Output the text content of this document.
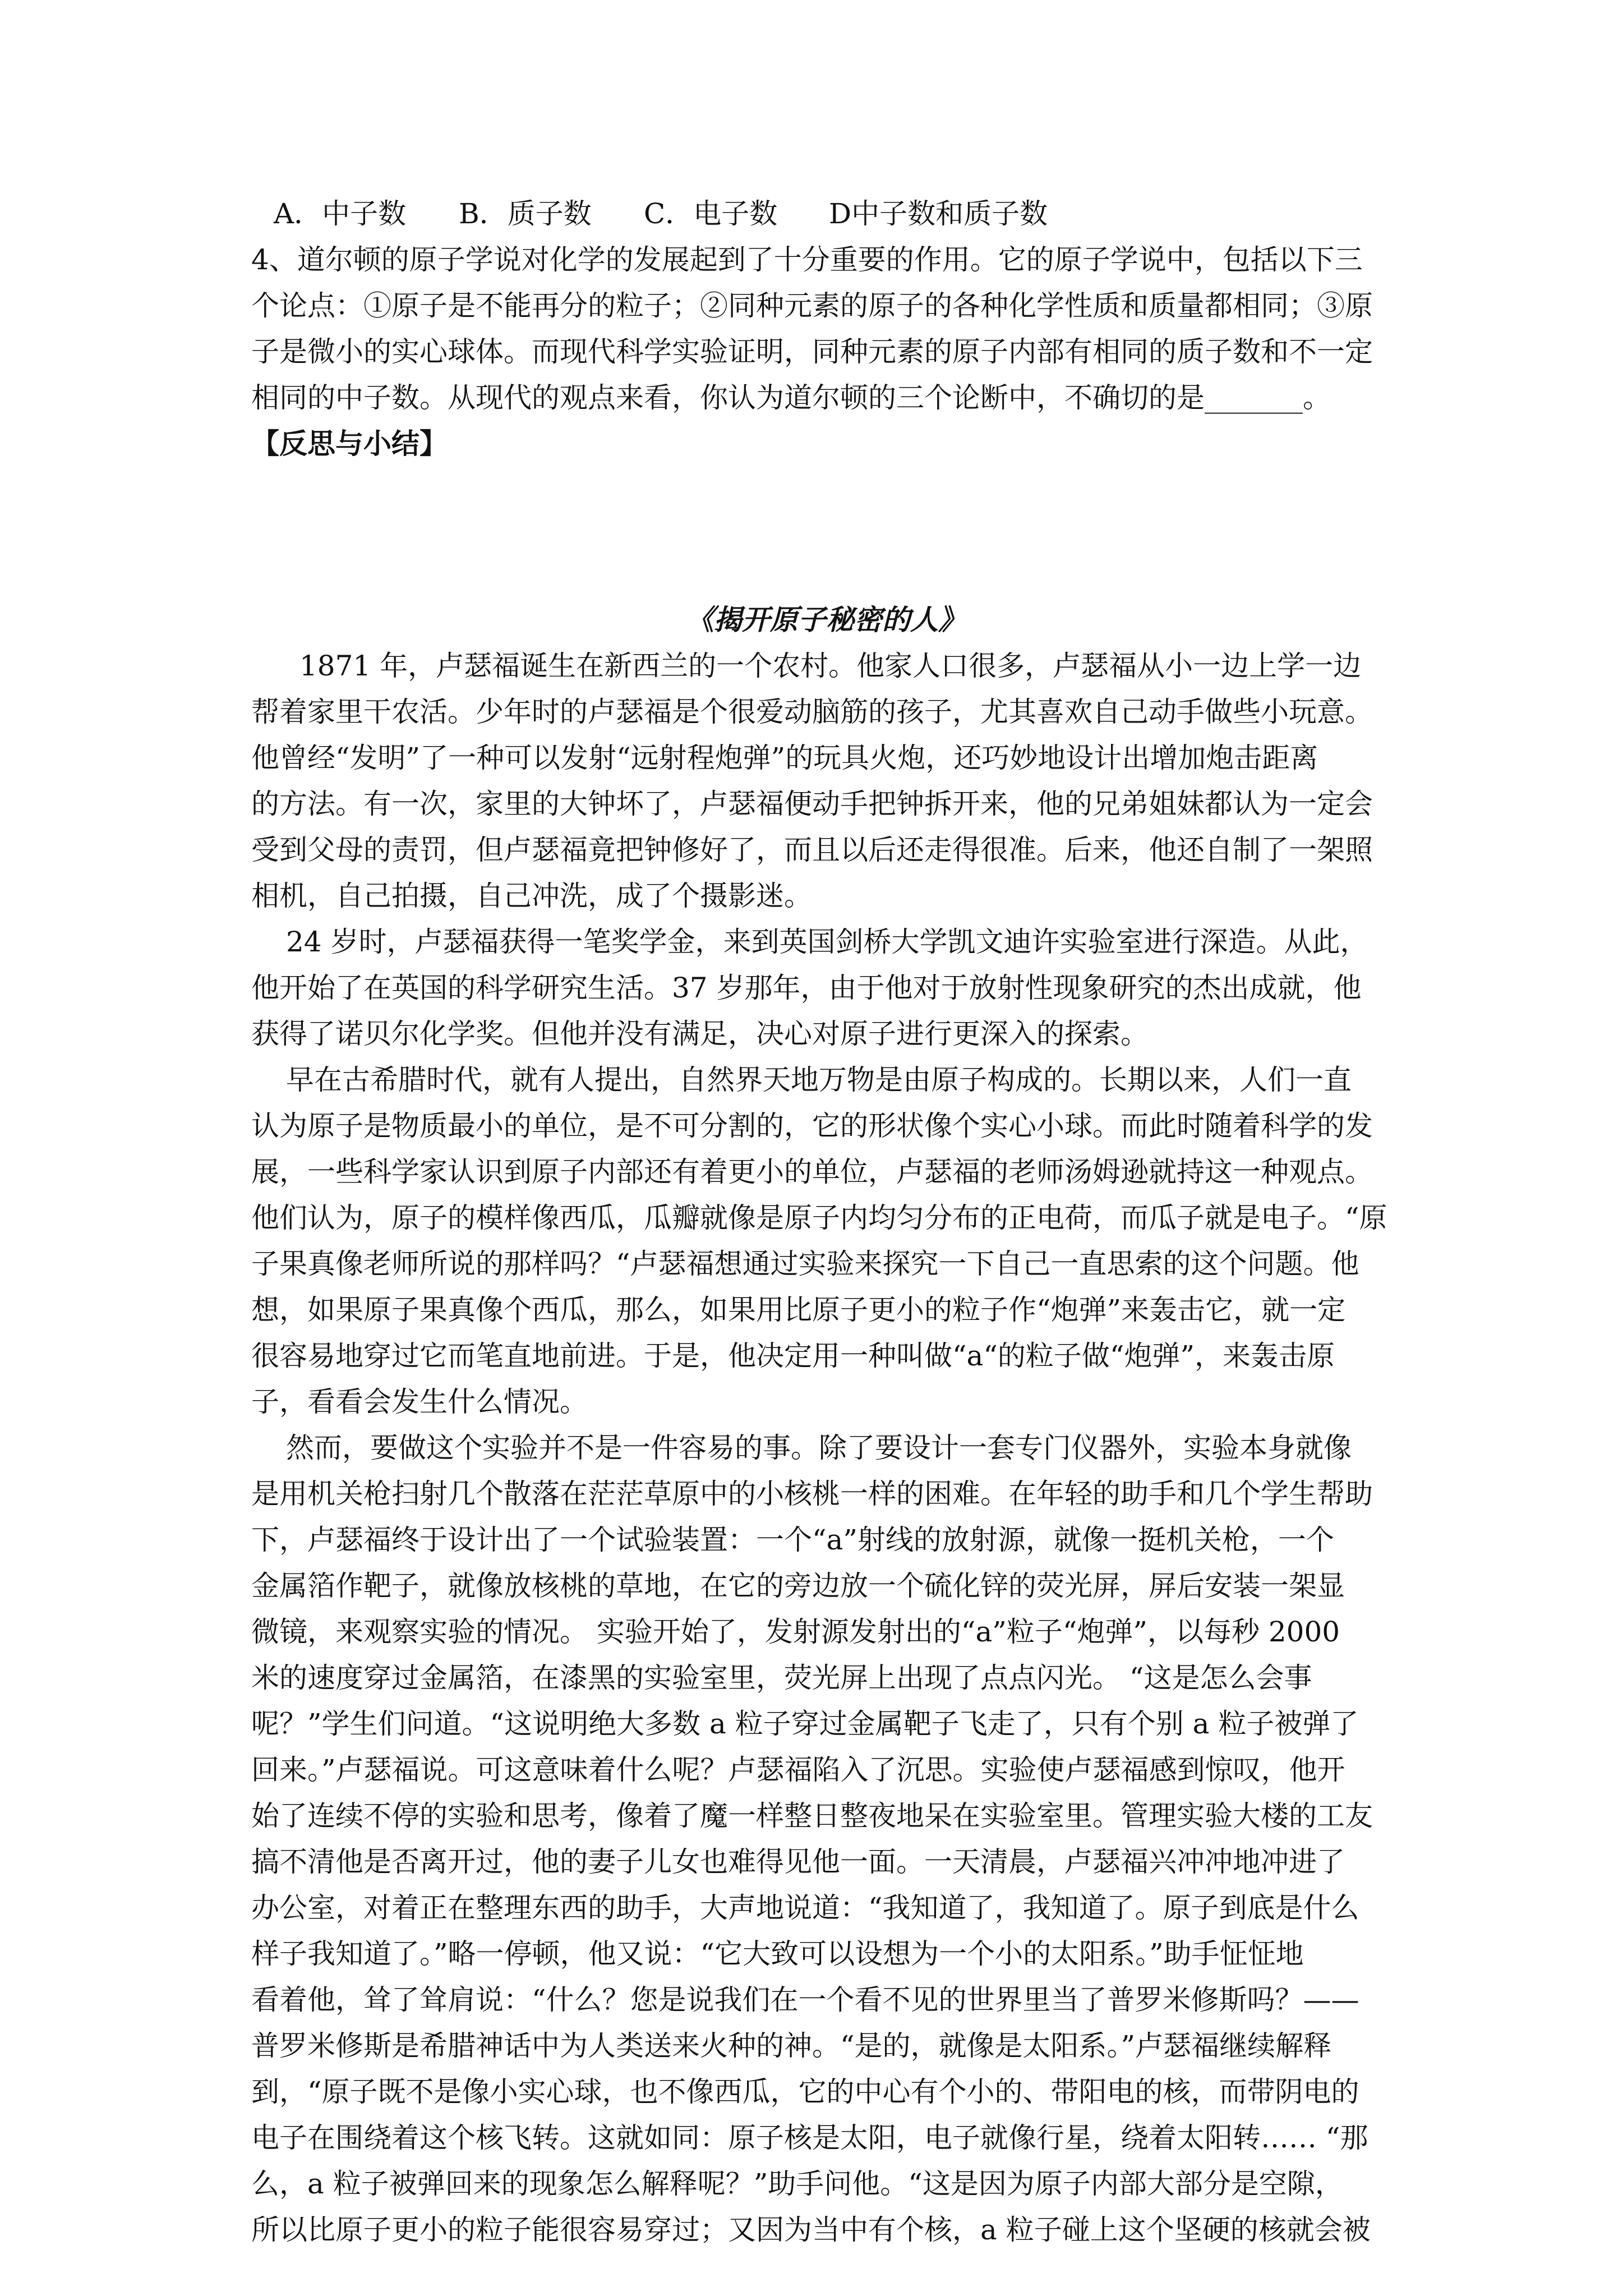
A．中子数 B．质子数 C．电子数 D中子数和质子数

4、道尔顿的原子学说对化学的发展起到了十分重要的作用。它的原子学说中，包括以下三

个论点：①原子是不能再分的粒子；②同种元素的原子的各种化学性质和质量都相同；③原

子是微小的实心球体。而现代科学实验证明，同种元素的原子内部有相同的质子数和不一定

相同的中子数。从现代的观点来看，你认为道尔顿的三个论断中，不确切的是_______。

【反思与小结】

《揭开原子秘密的人》

1871 年，卢瑟福诞生在新西兰的一个农村。他家人口很多，卢瑟福从小一边上学一边

帮着家里干农活。少年时的卢瑟福是个很爱动脑筋的孩子，尤其喜欢自己动手做些小玩意。

他曾经“发明”了一种可以发射“远射程炮弹”的玩具火炮，还巧妙地设计出增加炮击距离

的方法。有一次，家里的大钟坏了，卢瑟福便动手把钟拆开来，他的兄弟姐妹都认为一定会

受到父母的责罚，但卢瑟福竟把钟修好了，而且以后还走得很准。后来，他还自制了一架照

相机，自己拍摄，自己冲洗，成了个摄影迷。

24 岁时，卢瑟福获得一笔奖学金，来到英国剑桥大学凯文迪许实验室进行深造。从此，

他开始了在英国的科学研究生活。37 岁那年，由于他对于放射性现象研究的杰出成就，他

获得了诺贝尔化学奖。但他并没有满足，决心对原子进行更深入的探索。

早在古希腊时代，就有人提出，自然界天地万物是由原子构成的。长期以来，人们一直

认为原子是物质最小的单位，是不可分割的，它的形状像个实心小球。而此时随着科学的发

展，一些科学家认识到原子内部还有着更小的单位，卢瑟福的老师汤姆逊就持这一种观点。

他们认为，原子的模样像西瓜，瓜瓣就像是原子内均匀分布的正电荷，而瓜子就是电子。“原

子果真像老师所说的那样吗？“卢瑟福想通过实验来探究一下自己一直思索的这个问题。他

想，如果原子果真像个西瓜，那么，如果用比原子更小的粒子作“炮弹”来轰击它，就一定

很容易地穿过它而笔直地前进。于是，他决定用一种叫做“a“的粒子做“炮弹”，来轰击原

子，看看会发生什么情况。

然而，要做这个实验并不是一件容易的事。除了要设计一套专门仪器外，实验本身就像

是用机关枪扫射几个散落在茫茫草原中的小核桃一样的困难。在年轻的助手和几个学生帮助

下，卢瑟福终于设计出了一个试验装置：一个“a”射线的放射源，就像一挺机关枪，一个

金属箔作靶子，就像放核桃的草地，在它的旁边放一个硫化锌的荧光屏，屏后安装一架显

微镜，来观察实验的情况。 实验开始了，发射源发射出的“a”粒子“炮弹”，以每秒 2000

米的速度穿过金属箔，在漆黑的实验室里，荧光屏上出现了点点闪光。 “这是怎么会事

呢？”学生们问道。“这说明绝大多数 a 粒子穿过金属靶子飞走了，只有个别 a 粒子被弹了

回来。”卢瑟福说。可这意味着什么呢？卢瑟福陷入了沉思。实验使卢瑟福感到惊叹，他开

始了连续不停的实验和思考，像着了魔一样整日整夜地呆在实验室里。管理实验大楼的工友

搞不清他是否离开过，他的妻子儿女也难得见他一面。一天清晨，卢瑟福兴冲冲地冲进了

办公室，对着正在整理东西的助手，大声地说道：“我知道了，我知道了。原子到底是什么

样子我知道了。”略一停顿，他又说：“它大致可以设想为一个小的太阳系。”助手怔怔地

看着他，耸了耸肩说：“什么？您是说我们在一个看不见的世界里当了普罗米修斯吗？——

普罗米修斯是希腊神话中为人类送来火种的神。“是的，就像是太阳系。”卢瑟福继续解释

到，“原子既不是像小实心球，也不像西瓜，它的中心有个小的、带阳电的核，而带阴电的

电子在围绕着这个核飞转。这就如同：原子核是太阳，电子就像行星，绕着太阳转…… “那

么，a 粒子被弹回来的现象怎么解释呢？”助手问他。“这是因为原子内部大部分是空隙，

所以比原子更小的粒子能很容易穿过；又因为当中有个核，a 粒子碰上这个坚硬的核就会被
